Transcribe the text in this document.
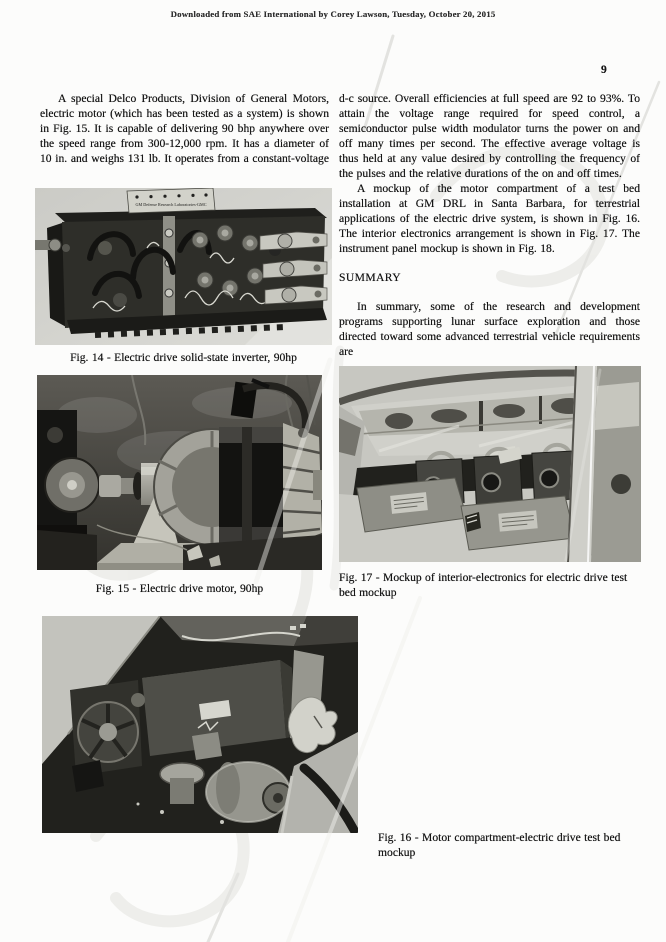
Downloaded from SAE International by Corey Lawson, Tuesday, October 20, 2015
9

A special Delco Products, Division of General Motors, electric motor (which has been tested as a system) is shown in Fig. 15. It is capable of delivering 90 bhp anywhere over the speed range from 300-12,000 rpm. It has a diameter of 10 in. and weighs 131 lb. It operates from a constant-voltage

d-c source. Overall efficiencies at full speed are 92 to 93%. To attain the voltage range required for speed control, a semiconductor pulse width modulator turns the power on and off many times per second. The effective average voltage is thus held at any value desired by controlling the frequency of the pulses and the relative durations of the on and off times.

A mockup of the motor compartment of a test bed installation at GM DRL in Santa Barbara, for terrestrial applications of the electric drive system, is shown in Fig. 16. The interior electronics arrangement is shown in Fig. 17. The instrument panel mockup is shown in Fig. 18.

SUMMARY

In summary, some of the research and development programs supporting lunar surface exploration and those directed toward some advanced terrestrial vehicle requirements are

GM Defense Research Laboratories-GMC
Fig. 14 - Electric drive solid-state inverter, 90hp
Fig. 15 - Electric drive motor, 90hp
Fig. 17 - Mockup of interior-electronics for electric drive test bed mockup
Fig. 16 - Motor compartment-electric drive test bed mockup
